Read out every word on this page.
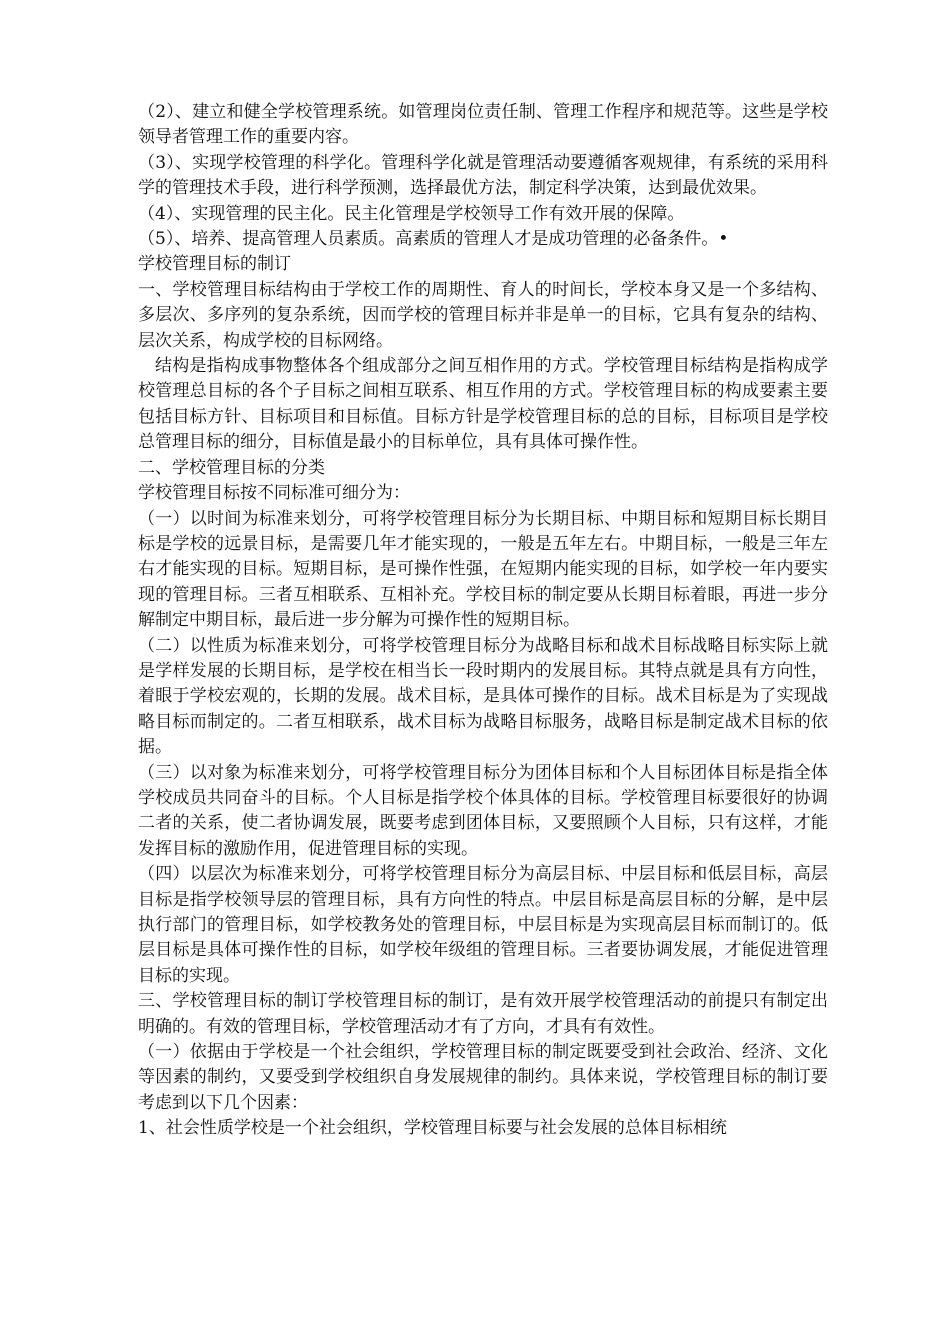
（2）、建立和健全学校管理系统。如管理岗位责任制、管理工作程序和规范等。这些是学校领导者管理工作的重要内容。

（3）、实现学校管理的科学化。管理科学化就是管理活动要遵循客观规律，有系统的采用科学的管理技术手段，进行科学预测，选择最优方法，制定科学决策，达到最优效果。

（4）、实现管理的民主化。民主化管理是学校领导工作有效开展的保障。

（5）、培养、提高管理人员素质。高素质的管理人才是成功管理的必备条件。•

学校管理目标的制订

一、学校管理目标结构由于学校工作的周期性、育人的时间长，学校本身又是一个多结构、多层次、多序列的复杂系统，因而学校的管理目标并非是单一的目标，它具有复杂的结构、层次关系，构成学校的目标网络。

结构是指构成事物整体各个组成部分之间互相作用的方式。学校管理目标结构是指构成学校管理总目标的各个子目标之间相互联系、相互作用的方式。学校管理目标的构成要素主要包括目标方针、目标项目和目标值。目标方针是学校管理目标的总的目标，目标项目是学校总管理目标的细分，目标值是最小的目标单位，具有具体可操作性。

二、学校管理目标的分类

学校管理目标按不同标准可细分为：

（一）以时间为标准来划分，可将学校管理目标分为长期目标、中期目标和短期目标长期目标是学校的远景目标，是需要几年才能实现的，一般是五年左右。中期目标，一般是三年左右才能实现的目标。短期目标，是可操作性强，在短期内能实现的目标，如学校一年内要实现的管理目标。三者互相联系、互相补充。学校目标的制定要从长期目标着眼，再进一步分解制定中期目标，最后进一步分解为可操作性的短期目标。

（二）以性质为标准来划分，可将学校管理目标分为战略目标和战术目标战略目标实际上就是学样发展的长期目标，是学校在相当长一段时期内的发展目标。其特点就是具有方向性，着眼于学校宏观的，长期的发展。战术目标，是具体可操作的目标。战术目标是为了实现战略目标而制定的。二者互相联系，战术目标为战略目标服务，战略目标是制定战术目标的依据。

（三）以对象为标准来划分，可将学校管理目标分为团体目标和个人目标团体目标是指全体学校成员共同奋斗的目标。个人目标是指学校个体具体的目标。学校管理目标要很好的协调二者的关系，使二者协调发展，既要考虑到团体目标，又要照顾个人目标，只有这样，才能发挥目标的激励作用，促进管理目标的实现。

（四）以层次为标准来划分，可将学校管理目标分为高层目标、中层目标和低层目标，高层目标是指学校领导层的管理目标，具有方向性的特点。中层目标是高层目标的分解，是中层执行部门的管理目标，如学校教务处的管理目标，中层目标是为实现高层目标而制订的。低层目标是具体可操作性的目标，如学校年级组的管理目标。三者要协调发展，才能促进管理目标的实现。

三、学校管理目标的制订学校管理目标的制订，是有效开展学校管理活动的前提只有制定出明确的。有效的管理目标，学校管理活动才有了方向，才具有有效性。

（一）依据由于学校是一个社会组织，学校管理目标的制定既要受到社会政治、经济、文化等因素的制约，又要受到学校组织自身发展规律的制约。具体来说，学校管理目标的制订要考虑到以下几个因素：

1、社会性质学校是一个社会组织，学校管理目标要与社会发展的总体目标相统
